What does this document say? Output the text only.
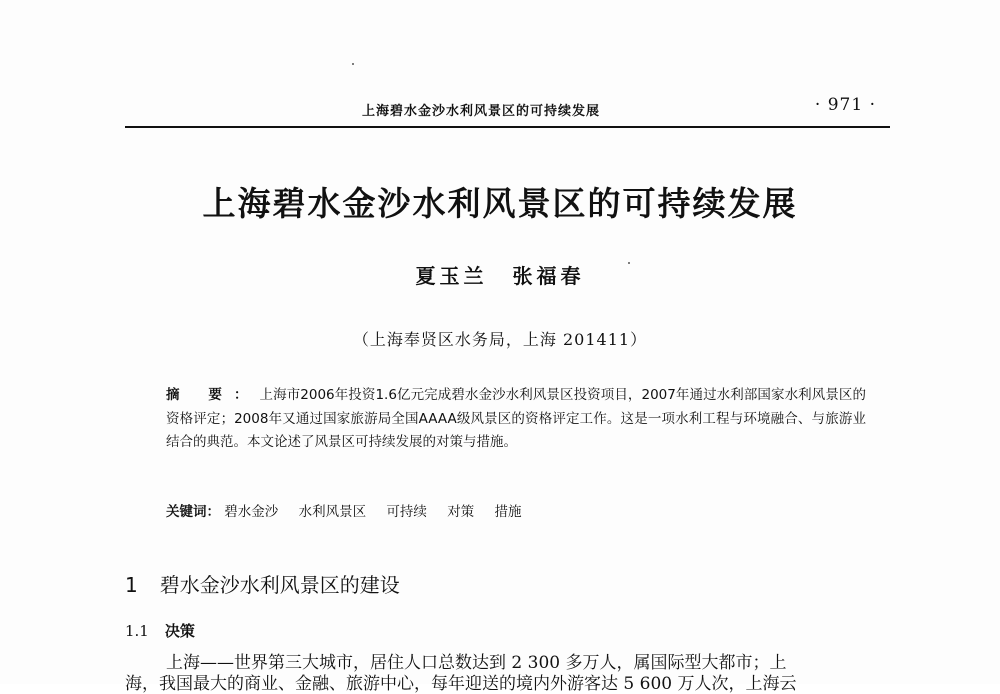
上海碧水金沙水利风景区的可持续发展	· 971 ·
上海碧水金沙水利风景区的可持续发展
夏玉兰 张福春
（上海奉贤区水务局，上海 201411）
摘 要：上海市2006年投资1.6亿元完成碧水金沙水利风景区投资项目，2007年通过水利部国家水利风景区的资格评定；2008年又通过国家旅游局全国AAAA级风景区的资格评定工作。这是一项水利工程与环境融合、与旅游业结合的典范。本文论述了风景区可持续发展的对策与措施。
关键词： 碧水金沙 水利风景区 可持续 对策 措施
1 碧水金沙水利风景区的建设
1.1 决策
上海——世界第三大城市，居住人口总数达到 2 300 多万人，属国际型大都市；上
海，我国最大的商业、金融、旅游中心，每年迎送的境内外游客达 5 600 万人次，上海云
